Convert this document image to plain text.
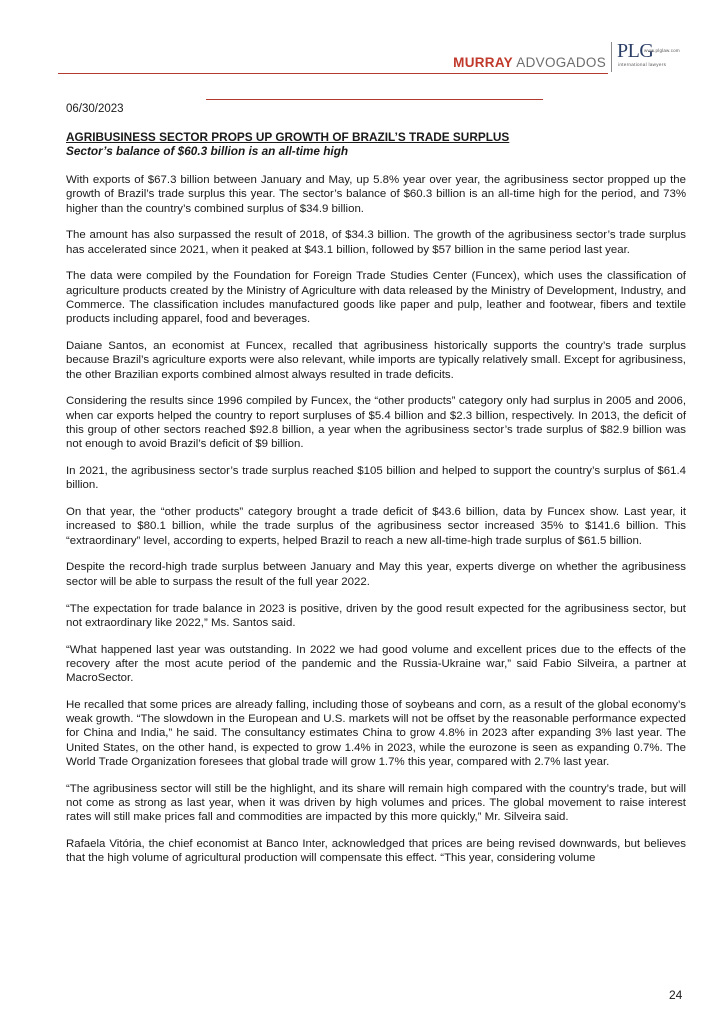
MURRAY ADVOGADOS
PLG
www.plglaw.com
international lawyers

06/30/2023

AGRIBUSINESS SECTOR PROPS UP GROWTH OF BRAZIL’S TRADE SURPLUS

Sector’s balance of $60.3 billion is an all-time high

With exports of $67.3 billion between January and May, up 5.8% year over year, the agribusiness sector propped up the growth of Brazil’s trade surplus this year. The sector’s balance of $60.3 billion is an all-time high for the period, and 73% higher than the country’s combined surplus of $34.9 billion.

The amount has also surpassed the result of 2018, of $34.3 billion. The growth of the agribusiness sector’s trade surplus has accelerated since 2021, when it peaked at $43.1 billion, followed by $57 billion in the same period last year.

The data were compiled by the Foundation for Foreign Trade Studies Center (Funcex), which uses the classification of agriculture products created by the Ministry of Agriculture with data released by the Ministry of Development, Industry, and Commerce. The classification includes manufactured goods like paper and pulp, leather and footwear, fibers and textile products including apparel, food and beverages.

Daiane Santos, an economist at Funcex, recalled that agribusiness historically supports the country’s trade surplus because Brazil’s agriculture exports were also relevant, while imports are typically relatively small. Except for agribusiness, the other Brazilian exports combined almost always resulted in trade deficits.

Considering the results since 1996 compiled by Funcex, the “other products” category only had surplus in 2005 and 2006, when car exports helped the country to report surpluses of $5.4 billion and $2.3 billion, respectively. In 2013, the deficit of this group of other sectors reached $92.8 billion, a year when the agribusiness sector’s trade surplus of $82.9 billion was not enough to avoid Brazil’s deficit of $9 billion.

In 2021, the agribusiness sector’s trade surplus reached $105 billion and helped to support the country’s surplus of $61.4 billion.

On that year, the “other products” category brought a trade deficit of $43.6 billion, data by Funcex show. Last year, it increased to $80.1 billion, while the trade surplus of the agribusiness sector increased 35% to $141.6 billion. This “extraordinary” level, according to experts, helped Brazil to reach a new all-time-high trade surplus of $61.5 billion.

Despite the record-high trade surplus between January and May this year, experts diverge on whether the agribusiness sector will be able to surpass the result of the full year 2022.

“The expectation for trade balance in 2023 is positive, driven by the good result expected for the agribusiness sector, but not extraordinary like 2022,” Ms. Santos said.

“What happened last year was outstanding. In 2022 we had good volume and excellent prices due to the effects of the recovery after the most acute period of the pandemic and the Russia-Ukraine war,” said Fabio Silveira, a partner at MacroSector.

He recalled that some prices are already falling, including those of soybeans and corn, as a result of the global economy’s weak growth. “The slowdown in the European and U.S. markets will not be offset by the reasonable performance expected for China and India,” he said. The consultancy estimates China to grow 4.8% in 2023 after expanding 3% last year. The United States, on the other hand, is expected to grow 1.4% in 2023, while the eurozone is seen as expanding 0.7%. The World Trade Organization foresees that global trade will grow 1.7% this year, compared with 2.7% last year.

“The agribusiness sector will still be the highlight, and its share will remain high compared with the country’s trade, but will not come as strong as last year, when it was driven by high volumes and prices. The global movement to raise interest rates will still make prices fall and commodities are impacted by this more quickly,” Mr. Silveira said.

Rafaela Vitória, the chief economist at Banco Inter, acknowledged that prices are being revised downwards, but believes that the high volume of agricultural production will compensate this effect. “This year, considering volume

24
